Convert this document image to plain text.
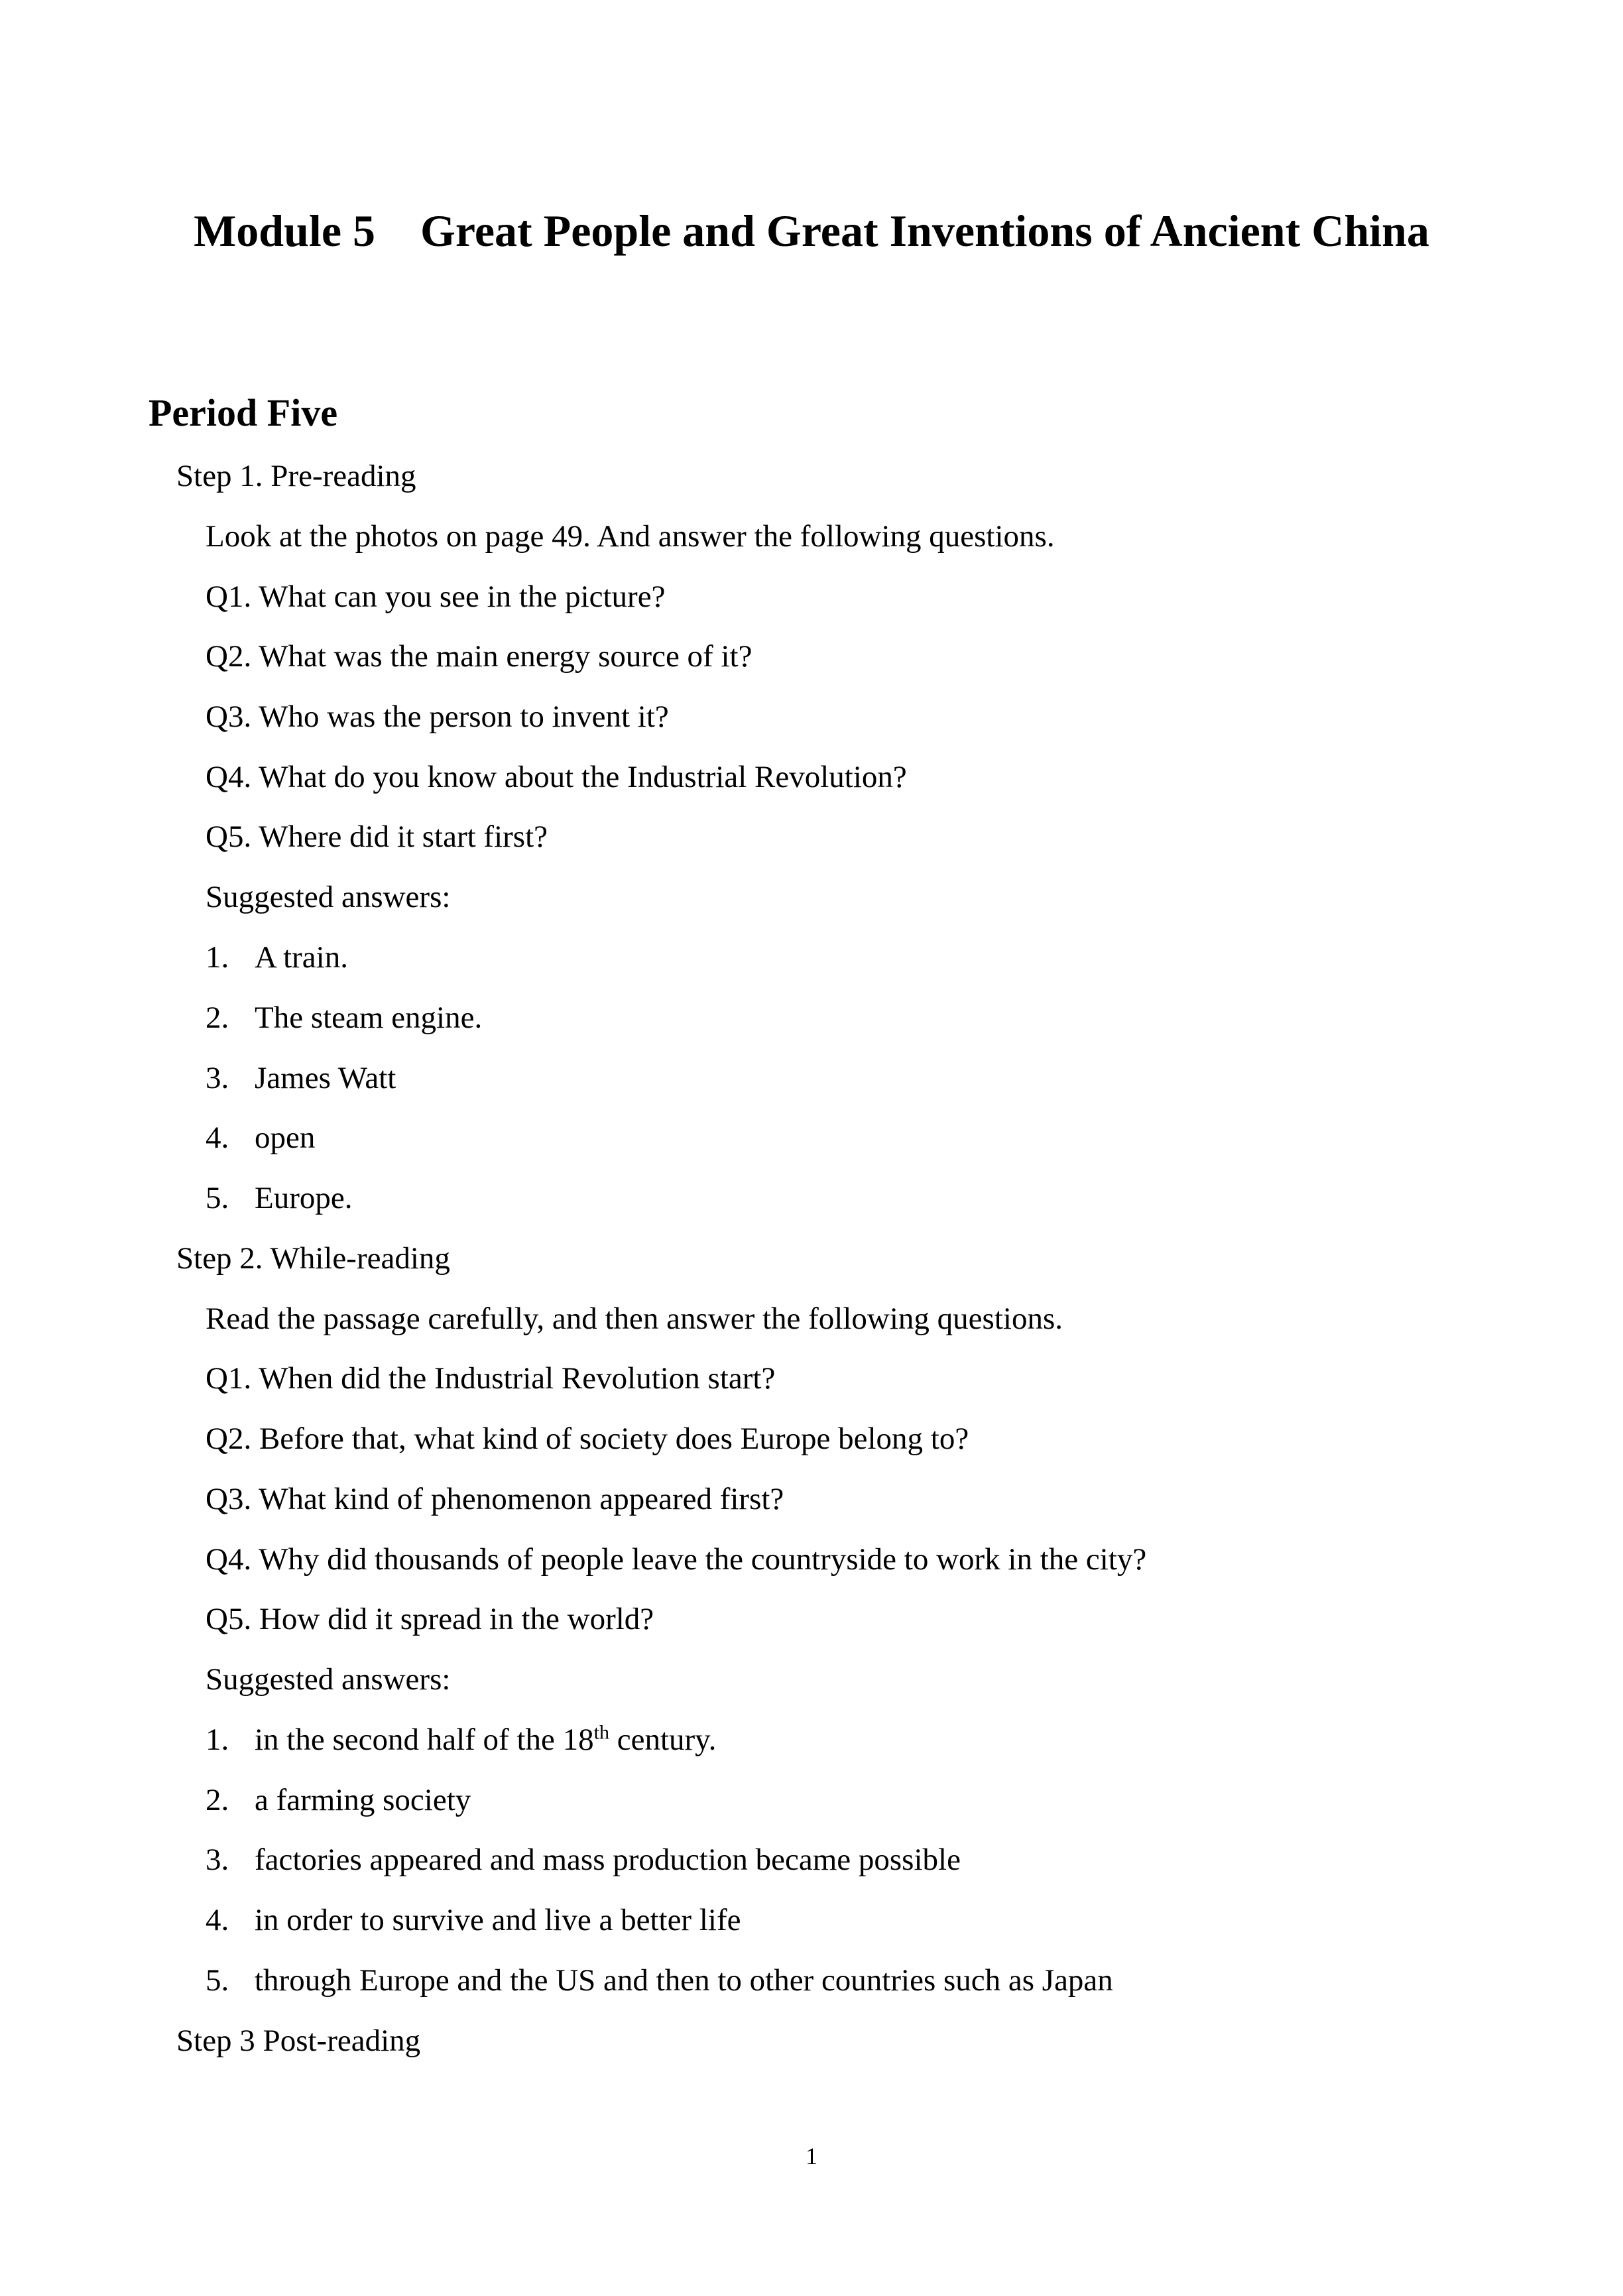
Module 5    Great People and Great Inventions of Ancient China
Period Five
Step 1. Pre-reading
Look at the photos on page 49. And answer the following questions.
Q1. What can you see in the picture?
Q2. What was the main energy source of it?
Q3. Who was the person to invent it?
Q4. What do you know about the Industrial Revolution?
Q5. Where did it start first?
Suggested answers:
1. A train.
2. The steam engine.
3. James Watt
4. open
5. Europe.
Step 2. While-reading
Read the passage carefully, and then answer the following questions.
Q1. When did the Industrial Revolution start?
Q2. Before that, what kind of society does Europe belong to?
Q3. What kind of phenomenon appeared first?
Q4. Why did thousands of people leave the countryside to work in the city?
Q5. How did it spread in the world?
Suggested answers:
1. in the second half of the 18th century.
2. a farming society
3. factories appeared and mass production became possible
4. in order to survive and live a better life
5. through Europe and the US and then to other countries such as Japan
Step 3 Post-reading
1
